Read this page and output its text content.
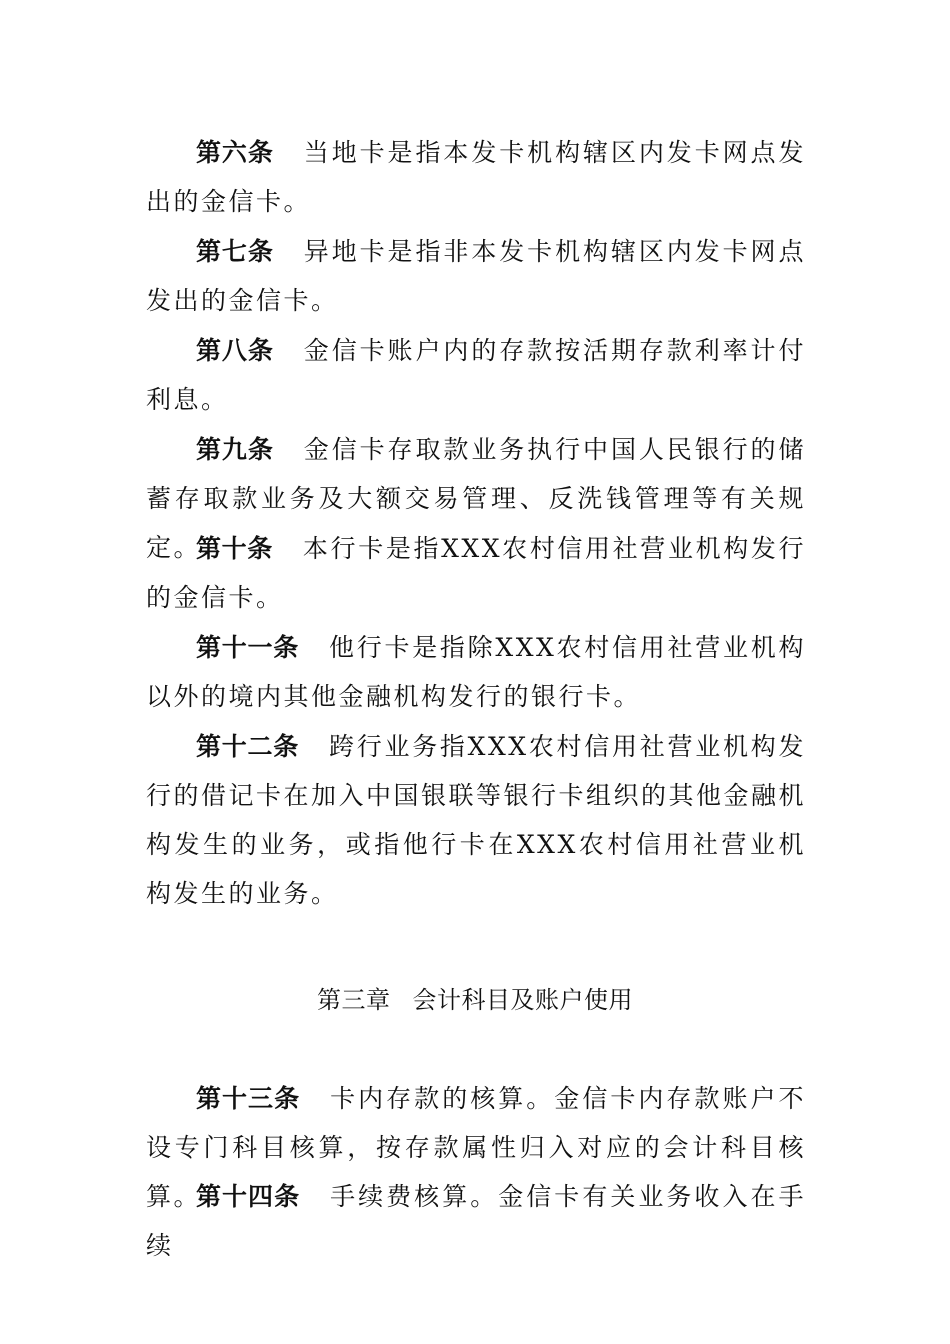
第六条 当地卡是指本发卡机构辖区内发卡网点发出的金信卡。

第七条 异地卡是指非本发卡机构辖区内发卡网点发出的金信卡。

第八条 金信卡账户内的存款按活期存款利率计付利息。

第九条 金信卡存取款业务执行中国人民银行的储蓄存取款业务及大额交易管理、反洗钱管理等有关规定。

第十条 本行卡是指XXX农村信用社营业机构发行的金信卡。

第十一条 他行卡是指除XXX农村信用社营业机构以外的境内其他金融机构发行的银行卡。

第十二条 跨行业务指XXX农村信用社营业机构发行的借记卡在加入中国银联等银行卡组织的其他金融机构发生的业务，或指他行卡在XXX农村信用社营业机构发生的业务。

第三章 会计科目及账户使用

第十三条 卡内存款的核算。金信卡内存款账户不设专门科目核算，按存款属性归入对应的会计科目核算。

第十四条 手续费核算。金信卡有关业务收入在手续
